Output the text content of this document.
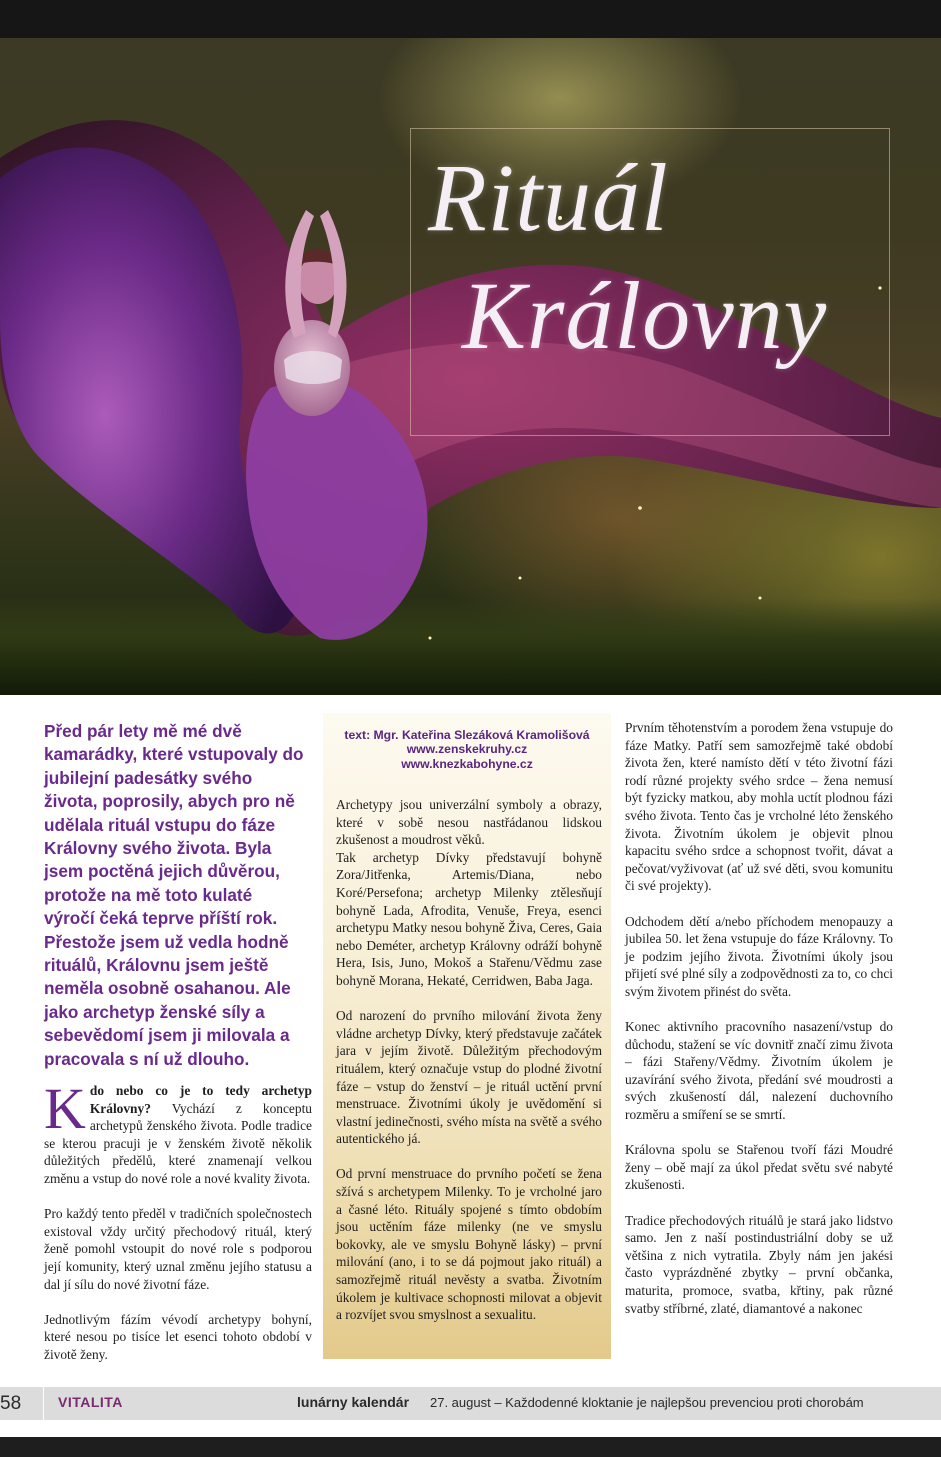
Rituál
Královny
Před pár lety mě mé dvě kamarádky, které vstupovaly do jubilejní padesátky svého života, poprosily, abych pro ně udělala rituál vstupu do fáze Královny svého života. Byla jsem poctěná jejich důvěrou, protože na mě toto kulaté výročí čeká teprve příští rok. Přestože jsem už vedla hodně rituálů, Královnu jsem ještě neměla osobně osahanou. Ale jako archetyp ženské síly a sebevědomí jsem ji milovala a pracovala s ní už dlouho.

Kdo nebo co je to tedy archetyp Královny? Vychází z konceptu archetypů ženského života. Podle tradice se kterou pracuji je v ženském životě několik důležitých předělů, které znamenají velkou změnu a vstup do nové role a nové kvality života.

Pro každý tento předěl v tradičních společnostech existoval vždy určitý přechodový rituál, který ženě pomohl vstoupit do nové role s podporou její komunity, který uznal změnu jejího statusu a dal jí sílu do nové životní fáze.

Jednotlivým fázím vévodí archetypy bohyní, které nesou po tisíce let esenci tohoto období v životě ženy.

text: Mgr. Kateřina Slezáková Kramolišová
www.zenskekruhy.cz
www.knezkabohyne.cz

Archetypy jsou univerzální symboly a obrazy, které v sobě nesou nastřádanou lidskou zkušenost a moudrost věků.

Tak archetyp Dívky představují bohyně Zora/Jitřenka, Artemis/Diana, nebo Koré/Persefona; archetyp Milenky ztělesňují bohyně Lada, Afrodita, Venuše, Freya, esenci archetypu Matky nesou bohyně Živa, Ceres, Gaia nebo Deméter, archetyp Královny odráží bohyně Hera, Isis, Juno, Mokoš a Stařenu/Vědmu zase bohyně Morana, Hekaté, Cerridwen, Baba Jaga.

Od narození do prvního milování života ženy vládne archetyp Dívky, který představuje začátek jara v jejím životě. Důležitým přechodovým rituálem, který označuje vstup do plodné životní fáze – vstup do ženství – je rituál uctění první menstruace. Životními úkoly je uvědomění si vlastní jedinečnosti, svého místa na světě a svého autentického já.

Od první menstruace do prvního početí se žena sžívá s archetypem Milenky. To je vrcholné jaro a časné léto. Rituály spojené s tímto obdobím jsou uctěním fáze milenky (ne ve smyslu bokovky, ale ve smyslu Bohyně lásky) – první milování (ano, i to se dá pojmout jako rituál) a samozřejmě rituál nevěsty a svatba. Životním úkolem je kultivace schopnosti milovat a objevit a rozvíjet svou smyslnost a sexualitu.

Prvním těhotenstvím a porodem žena vstupuje do fáze Matky. Patří sem samozřejmě také období života žen, které namísto dětí v této životní fázi rodí různé projekty svého srdce – žena nemusí být fyzicky matkou, aby mohla uctít plodnou fázi svého života. Tento čas je vrcholné léto ženského života. Životním úkolem je objevit plnou kapacitu svého srdce a schopnost tvořit, dávat a pečovat/vyživovat (ať už své děti, svou komunitu či své projekty).

Odchodem dětí a/nebo příchodem menopauzy a jubilea 50. let žena vstupuje do fáze Královny. To je podzim jejího života. Životními úkoly jsou přijetí své plné síly a zodpovědnosti za to, co chci svým životem přinést do světa.

Konec aktivního pracovního nasazení/vstup do důchodu, stažení se víc dovnitř značí zimu života – fázi Stařeny/Vědmy. Životním úkolem je uzavírání svého života, předání své moudrosti a svých zkušeností dál, nalezení duchovního rozměru a smíření se se smrtí.

Královna spolu se Stařenou tvoří fázi Moudré ženy – obě mají za úkol předat světu své nabyté zkušenosti.

Tradice přechodových rituálů je stará jako lidstvo samo. Jen z naší postindustriální doby se už většina z nich vytratila. Zbyly nám jen jakési často vyprázdněné zbytky – první občanka, maturita, promoce, svatba, křtiny, pak různé svatby stříbrné, zlaté, diamantové a nakonec

58	VITALITA	lunárny kalendár 27. august – Každodenné kloktanie je najlepšou prevenciou proti chorobám
